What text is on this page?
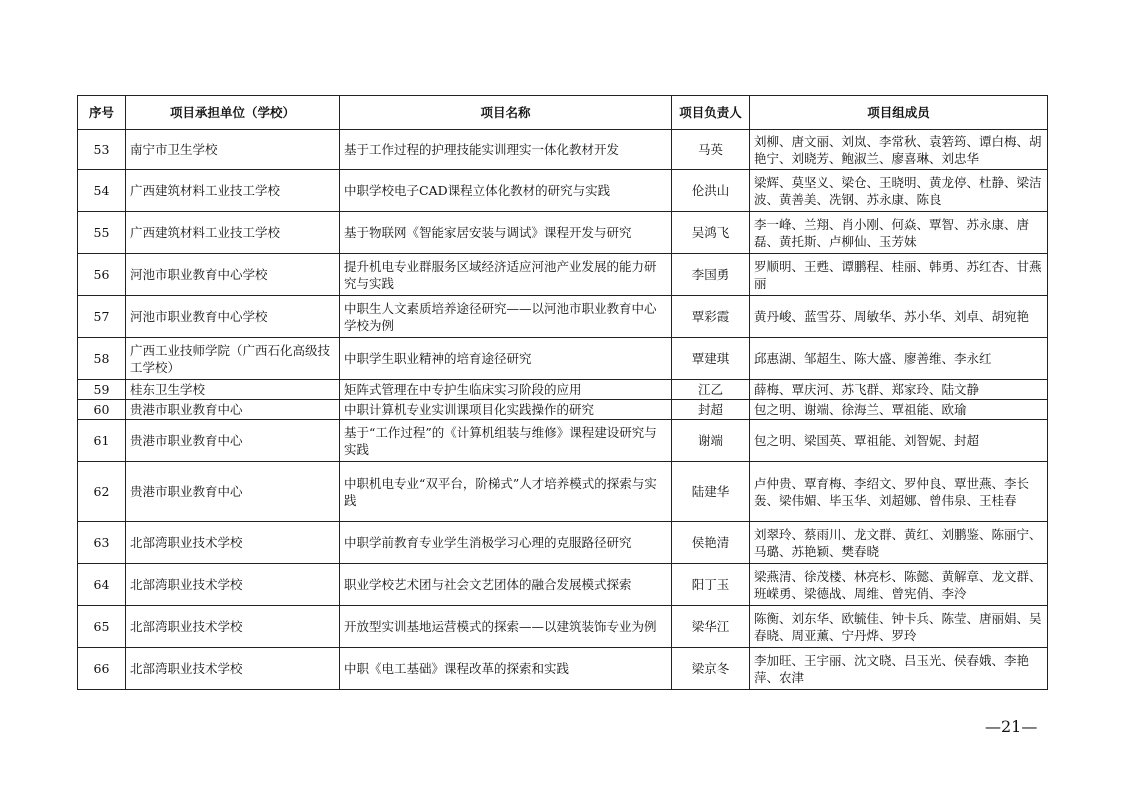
序号	项目承担单位（学校）	项目名称	项目负责人	项目组成员
53	南宁市卫生学校	基于工作过程的护理技能实训理实一体化教材开发	马英	刘柳、唐文丽、刘岚、李常秋、袁箬筠、谭白梅、胡艳宁、刘晓芳、鲍淑兰、廖喜琳、刘忠华
54	广西建筑材料工业技工学校	中职学校电子CAD课程立体化教材的研究与实践	伦洪山	梁辉、莫坚义、梁仓、王晓明、黄龙停、杜静、梁洁波、黄善美、冼钢、苏永康、陈良
55	广西建筑材料工业技工学校	基于物联网《智能家居安装与调试》课程开发与研究	吴鸿飞	李一峰、兰翔、肖小刚、何焱、覃智、苏永康、唐磊、黄托斯、卢柳仙、玉芳妹
56	河池市职业教育中心学校	提升机电专业群服务区域经济适应河池产业发展的能力研究与实践	李国勇	罗顺明、王甦、谭鹏程、桂丽、韩勇、苏红杏、甘燕丽
57	河池市职业教育中心学校	中职生人文素质培养途径研究——以河池市职业教育中心学校为例	覃彩霞	黄丹峻、蓝雪芬、周敏华、苏小华、刘卓、胡宛艳
58	广西工业技师学院（广西石化高级技工学校）	中职学生职业精神的培育途径研究	覃建琪	邱惠湖、邹超生、陈大盛、廖善维、李永红
59	桂东卫生学校	矩阵式管理在中专护生临床实习阶段的应用	江乙	薛梅、覃庆河、苏飞群、郑家玲、陆文静
60	贵港市职业教育中心	中职计算机专业实训课项目化实践操作的研究	封超	包之明、谢端、徐海兰、覃祖能、欧瑜
61	贵港市职业教育中心	基于“工作过程”的《计算机组装与维修》课程建设研究与实践	谢端	包之明、梁国英、覃祖能、刘智妮、封超
62	贵港市职业教育中心	中职机电专业“双平台，阶梯式”人才培养模式的探索与实践	陆建华	卢仲贵、覃育梅、李绍文、罗仲良、覃世燕、李长轰、梁伟媚、毕玉华、刘超娜、曾伟泉、王桂春
63	北部湾职业技术学校	中职学前教育专业学生消极学习心理的克服路径研究	侯艳清	刘翠玲、蔡雨川、龙文群、黄红、刘鹏鉴、陈丽宁、马璐、苏艳颖、樊春晓
64	北部湾职业技术学校	职业学校艺术团与社会文艺团体的融合发展模式探索	阳丁玉	梁燕清、徐茂楼、林亮杉、陈懿、黄解章、龙文群、班嵘勇、梁德战、周维、曾宪俏、李泠
65	北部湾职业技术学校	开放型实训基地运营模式的探索——以建筑装饰专业为例	梁华江	陈衡、刘东华、欧毓佳、钟卡兵、陈莹、唐丽娟、吴春晓、周亚薰、宁丹烨、罗玲
66	北部湾职业技术学校	中职《电工基础》课程改革的探索和实践	梁京冬	李加旺、王宇丽、沈文晓、吕玉光、侯春娥、李艳萍、农津
—21—
